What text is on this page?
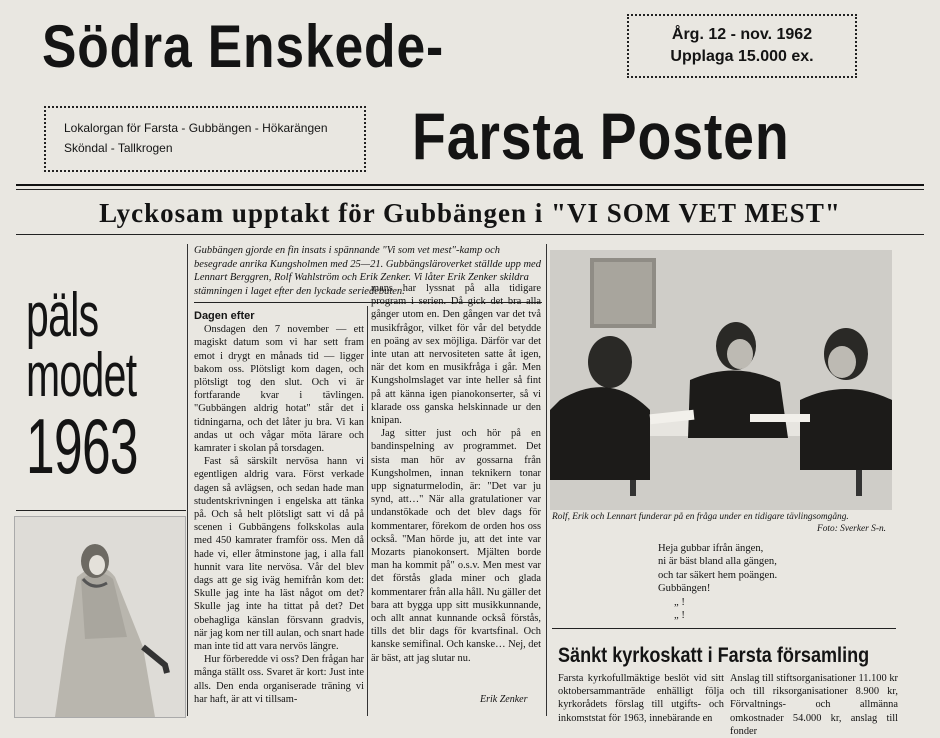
Södra Enskede-	Årg. 12 - nov. 1962
Upplaga 15.000 ex.
Lokalorgan för Farsta - Gubbängen - Hökarängen
Sköndal - Tallkrogen	Farsta Posten
Lyckosam upptakt för Gubbängen i "VI SOM VET MEST"
päls
modet
1963
Gubbängen gjorde en fin insats i spännande "Vi som vet mest"-kamp och besegrade anrika Kungsholmen med 25—21. Gubbängsläroverket ställde upp med Lennart Berggren, Rolf Wahlström och Erik Zenker. Vi låter Erik Zenker skildra stämningen i laget efter den lyckade seriedebuten.

Dagen efter

Onsdagen den 7 november — ett magiskt datum som vi har sett fram emot i drygt en månads tid — ligger bakom oss. Plötsligt kom dagen, och plötsligt tog den slut. Och vi är fortfarande kvar i tävlingen. "Gubbängen aldrig hotat" står det i tidningarna, och det låter ju bra. Vi kan andas ut och vågar möta lärare och kamrater i skolan på torsdagen.

Fast så särskilt nervösa hann vi egentligen aldrig vara. Först verkade dagen så avlägsen, och sedan hade man studentskrivningen i engelska att tänka på. Och så helt plötsligt satt vi då på scenen i Gubbängens folkskolas aula med 450 kamrater framför oss. Men då hade vi, eller åtminstone jag, i alla fall hunnit vara lite nervösa. Vår del blev dags att ge sig iväg hemifrån kom det: Skulle jag inte ha läst något om det? Skulle jag inte ha tittat på det? Det obehagliga känslan försvann gradvis, när jag kom ner till aulan, och snart hade man inte tid att vara nervös längre.

Hur förberedde vi oss? Den frågan har många ställt oss. Svaret är kort: Just inte alls. Den enda organiserade träning vi har haft, är att vi tillsam-

mans har lyssnat på alla tidigare program i serien. Då gick det bra alla gånger utom en. Den gången var det två musikfrågor, vilket för vår del betydde en poäng av sex möjliga. Därför var det inte utan att nervositeten satte åt igen, när det kom en musikfråga i går. Men Kungsholmslaget var inte heller så fint på att känna igen pianokonserter, så vi klarade oss ganska helskinnade ur den knipan.

Jag sitter just och hör på en bandinspelning av programmet. Det sista man hör av gossarna från Kungsholmen, innan teknikern tonar upp signaturmelodin, är: "Det var ju synd, att…" När alla gratulationer var undanstökade och det blev dags för kommentarer, förekom de orden hos oss också. "Man hörde ju, att det inte var Mozarts pianokonsert. Mjälten borde man ha kommit på" o.s.v. Men mest var det förstås glada miner och glada kommentarer från alla håll. Nu gäller det bara att bygga upp sitt musikkunnande, och allt annat kunnande också förstås, tills det blir dags för kvartsfinal. Och kanske semifinal. Och kanske… Nej, det är bäst, att jag slutar nu.

Erik Zenker
Rolf, Erik och Lennart funderar på en fråga under en tidigare tävlingsomgång.
Foto: Sverker S-n.
Heja gubbar ifrån ängen,
ni är bäst bland alla gängen,
och tar säkert hem poängen.
Gubbängen!
„ !
„ !
Sänkt kyrkoskatt i Farsta församling
Farsta kyrkofullmäktige beslöt vid sitt oktobersammanträde enhälligt följa kyrkorådets förslag till utgifts- och inkomststat för 1963, innebärande en
Anslag till stiftsorganisationer 11.100 kr och till riksorganisationer 8.900 kr, Förvaltnings- och allmänna omkostnader 54.000 kr, anslag till fonder
